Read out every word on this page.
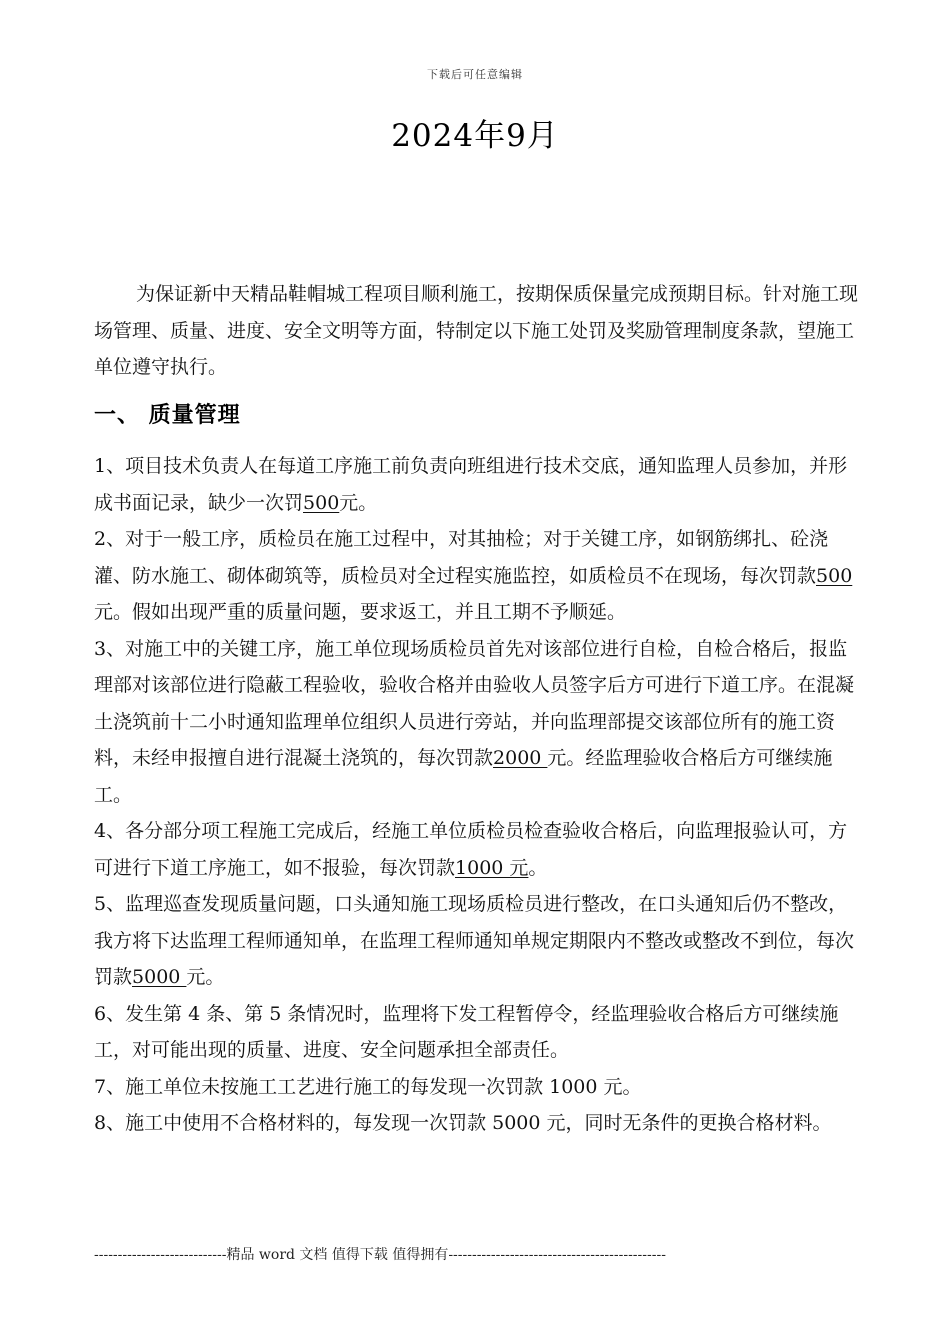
下载后可任意编辑
2024年9月

为保证新中天精品鞋帽城工程项目顺利施工，按期保质保量完成预期目标。针对施工现场管理、质量、进度、安全文明等方面，特制定以下施工处罚及奖励管理制度条款，望施工单位遵守执行。

一、 质量管理

1、项目技术负责人在每道工序施工前负责向班组进行技术交底，通知监理人员参加，并形成书面记录，缺少一次罚500元。

2、对于一般工序，质检员在施工过程中，对其抽检；对于关键工序，如钢筋绑扎、砼浇灌、防水施工、砌体砌筑等，质检员对全过程实施监控，如质检员不在现场，每次罚款500 元。假如出现严重的质量问题，要求返工，并且工期不予顺延。

3、对施工中的关键工序，施工单位现场质检员首先对该部位进行自检，自检合格后，报监理部对该部位进行隐蔽工程验收，验收合格并由验收人员签字后方可进行下道工序。在混凝土浇筑前十二小时通知监理单位组织人员进行旁站，并向监理部提交该部位所有的施工资料，未经申报擅自进行混凝土浇筑的，每次罚款2000 元。经监理验收合格后方可继续施工。

4、各分部分项工程施工完成后，经施工单位质检员检查验收合格后，向监理报验认可，方可进行下道工序施工，如不报验，每次罚款1000 元。

5、监理巡查发现质量问题，口头通知施工现场质检员进行整改，在口头通知后仍不整改，我方将下达监理工程师通知单，在监理工程师通知单规定期限内不整改或整改不到位，每次罚款5000 元。

6、发生第 4 条、第 5 条情况时，监理将下发工程暂停令，经监理验收合格后方可继续施工，对可能出现的质量、进度、安全问题承担全部责任。

7、施工单位未按施工工艺进行施工的每发现一次罚款 1000 元。

8、施工中使用不合格材料的，每发现一次罚款 5000 元，同时无条件的更换合格材料。

----------------------------精品 word 文档 值得下载 值得拥有----------------------------------------------
